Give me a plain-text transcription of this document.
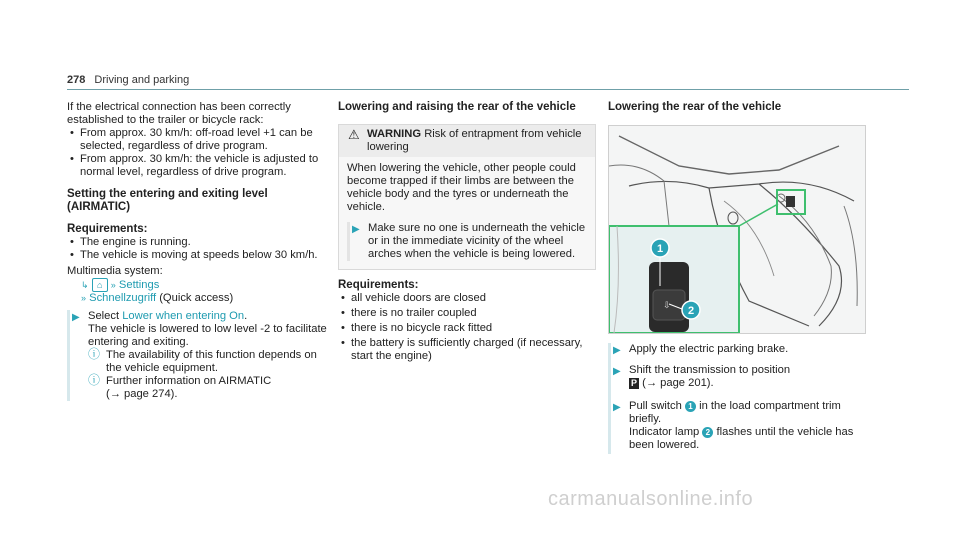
278 Driving and parking

If the electrical connection has been correctly established to the trailer or bicycle rack:

• From approx. 30 km/h: off-road level +1 can be selected, regardless of drive program.

• From approx. 30 km/h: the vehicle is adjusted to normal level, regardless of drive program.

Setting the entering and exiting level (AIRMATIC)

Requirements:

• The engine is running.

• The vehicle is moving at speeds below 30 km/h.

Multimedia system:

↳ ⌂ » Settings

» Schnellzugriff (Quick access)

▶ Select Lower when entering On.

The vehicle is lowered to low level -2 to facilitate entering and exiting.

ⓘ The availability of this function depends on the vehicle equipment.

ⓘ Further information on AIRMATIC

(→ page 274).

Lowering and raising the rear of the vehicle

⚠ WARNING Risk of entrapment from vehicle lowering

When lowering the vehicle, other people could become trapped if their limbs are between the vehicle body and the tyres or underneath the vehicle.

▶ Make sure no one is underneath the vehicle or in the immediate vicinity of the wheel arches when the vehicle is being lowered.

Requirements:

• all vehicle doors are closed

• there is no trailer coupled

• there is no bicycle rack fitted

• the battery is sufficiently charged (if necessary, start the engine)

Lowering the rear of the vehicle

⇩
1
2
▶ Apply the electric parking brake.

▶ Shift the transmission to position

P (→ page 201).

▶ Pull switch 1 in the load compartment trim briefly.

Indicator lamp 2 flashes until the vehicle has been lowered.

carmanualsonline.info
